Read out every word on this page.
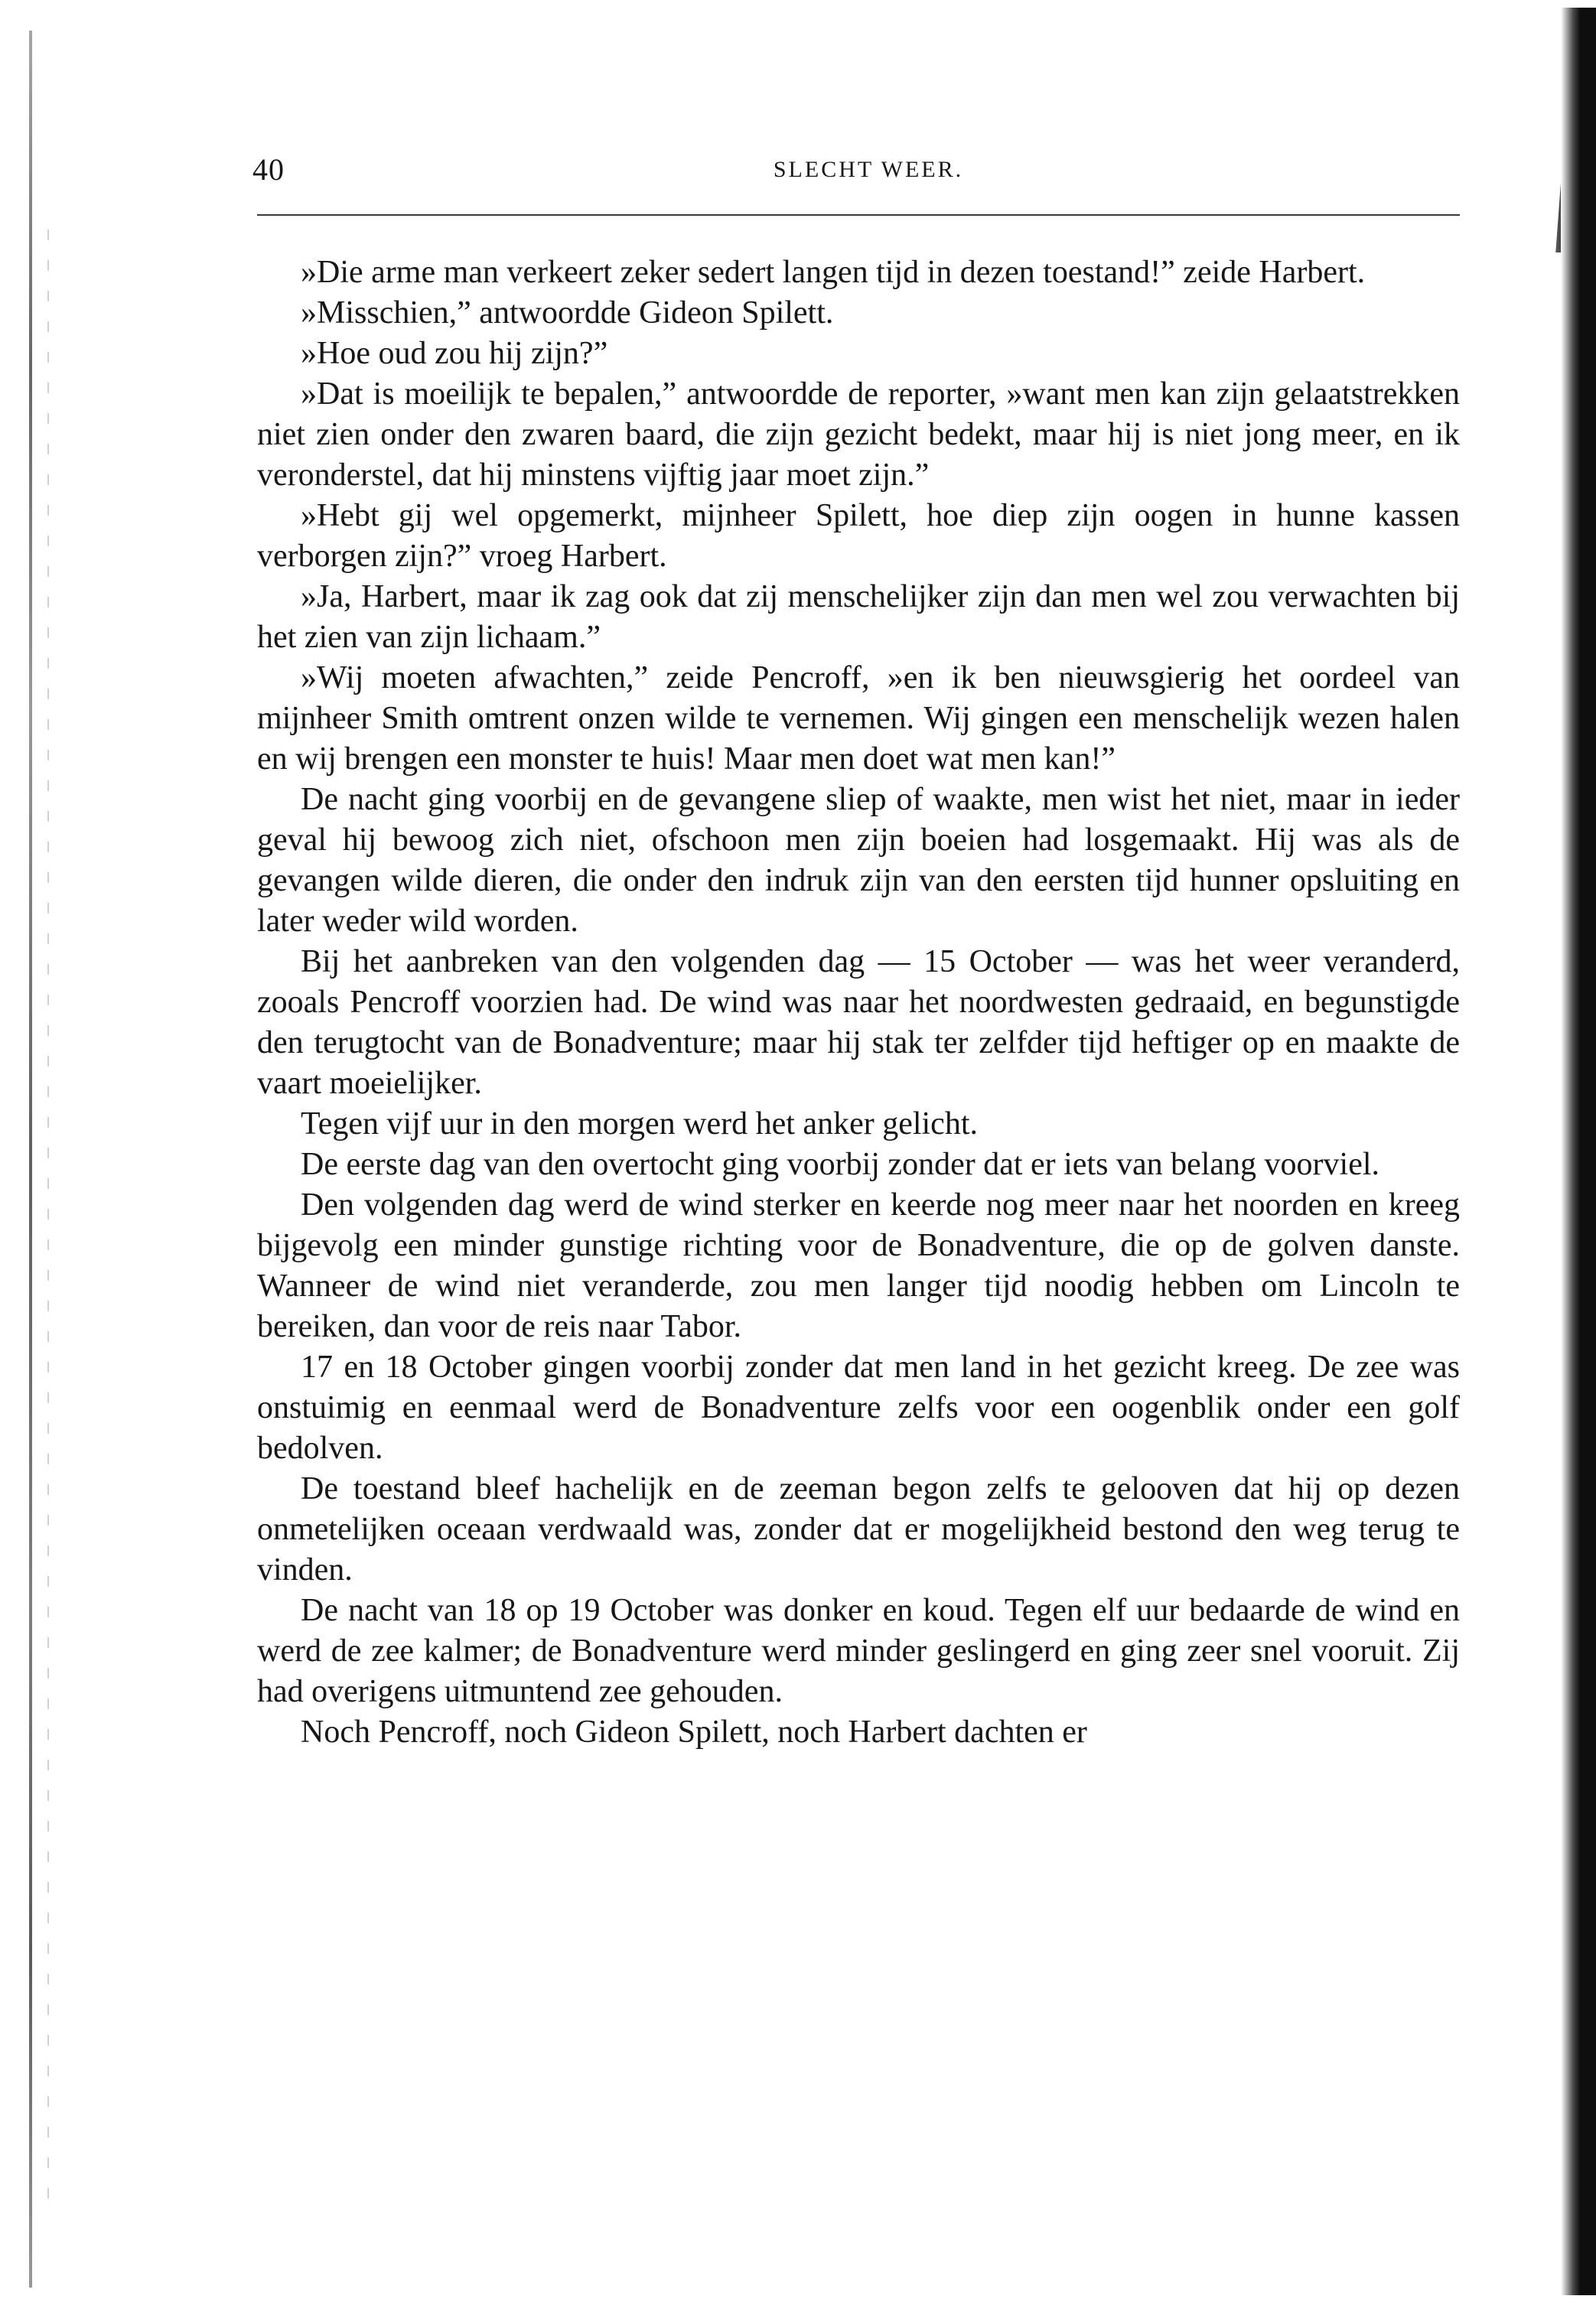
40	SLECHT WEER.

»Die arme man verkeert zeker sedert langen tijd in dezen toestand!” zeide Harbert.

»Misschien,” antwoordde Gideon Spilett.

»Hoe oud zou hij zijn?”

»Dat is moeilijk te bepalen,” antwoordde de reporter, »want men kan zijn gelaatstrekken niet zien onder den zwaren baard, die zijn gezicht bedekt, maar hij is niet jong meer, en ik veronderstel, dat hij minstens vijftig jaar moet zijn.”

»Hebt gij wel opgemerkt, mijnheer Spilett, hoe diep zijn oogen in hunne kassen verborgen zijn?” vroeg Harbert.

»Ja, Harbert, maar ik zag ook dat zij menschelijker zijn dan men wel zou verwachten bij het zien van zijn lichaam.”

»Wij moeten afwachten,” zeide Pencroff, »en ik ben nieuwsgierig het oordeel van mijnheer Smith omtrent onzen wilde te vernemen. Wij gingen een menschelijk wezen halen en wij brengen een monster te huis! Maar men doet wat men kan!”

De nacht ging voorbij en de gevangene sliep of waakte, men wist het niet, maar in ieder geval hij bewoog zich niet, ofschoon men zijn boeien had losgemaakt. Hij was als de gevangen wilde dieren, die onder den indruk zijn van den eersten tijd hunner opsluiting en later weder wild worden.

Bij het aanbreken van den volgenden dag — 15 October — was het weer veranderd, zooals Pencroff voorzien had. De wind was naar het noordwesten gedraaid, en begunstigde den terugtocht van de Bonadventure; maar hij stak ter zelfder tijd heftiger op en maakte de vaart moeielijker.

Tegen vijf uur in den morgen werd het anker gelicht.

De eerste dag van den overtocht ging voorbij zonder dat er iets van belang voorviel.

Den volgenden dag werd de wind sterker en keerde nog meer naar het noorden en kreeg bijgevolg een minder gunstige richting voor de Bonadventure, die op de golven danste. Wanneer de wind niet veranderde, zou men langer tijd noodig hebben om Lincoln te bereiken, dan voor de reis naar Tabor.

17 en 18 October gingen voorbij zonder dat men land in het gezicht kreeg. De zee was onstuimig en eenmaal werd de Bonadventure zelfs voor een oogenblik onder een golf bedolven.

De toestand bleef hachelijk en de zeeman begon zelfs te gelooven dat hij op dezen onmetelijken oceaan verdwaald was, zonder dat er mogelijkheid bestond den weg terug te vinden.

De nacht van 18 op 19 October was donker en koud. Tegen elf uur bedaarde de wind en werd de zee kalmer; de Bonadventure werd minder geslingerd en ging zeer snel vooruit. Zij had overigens uitmuntend zee gehouden.

Noch Pencroff, noch Gideon Spilett, noch Harbert dachten er
